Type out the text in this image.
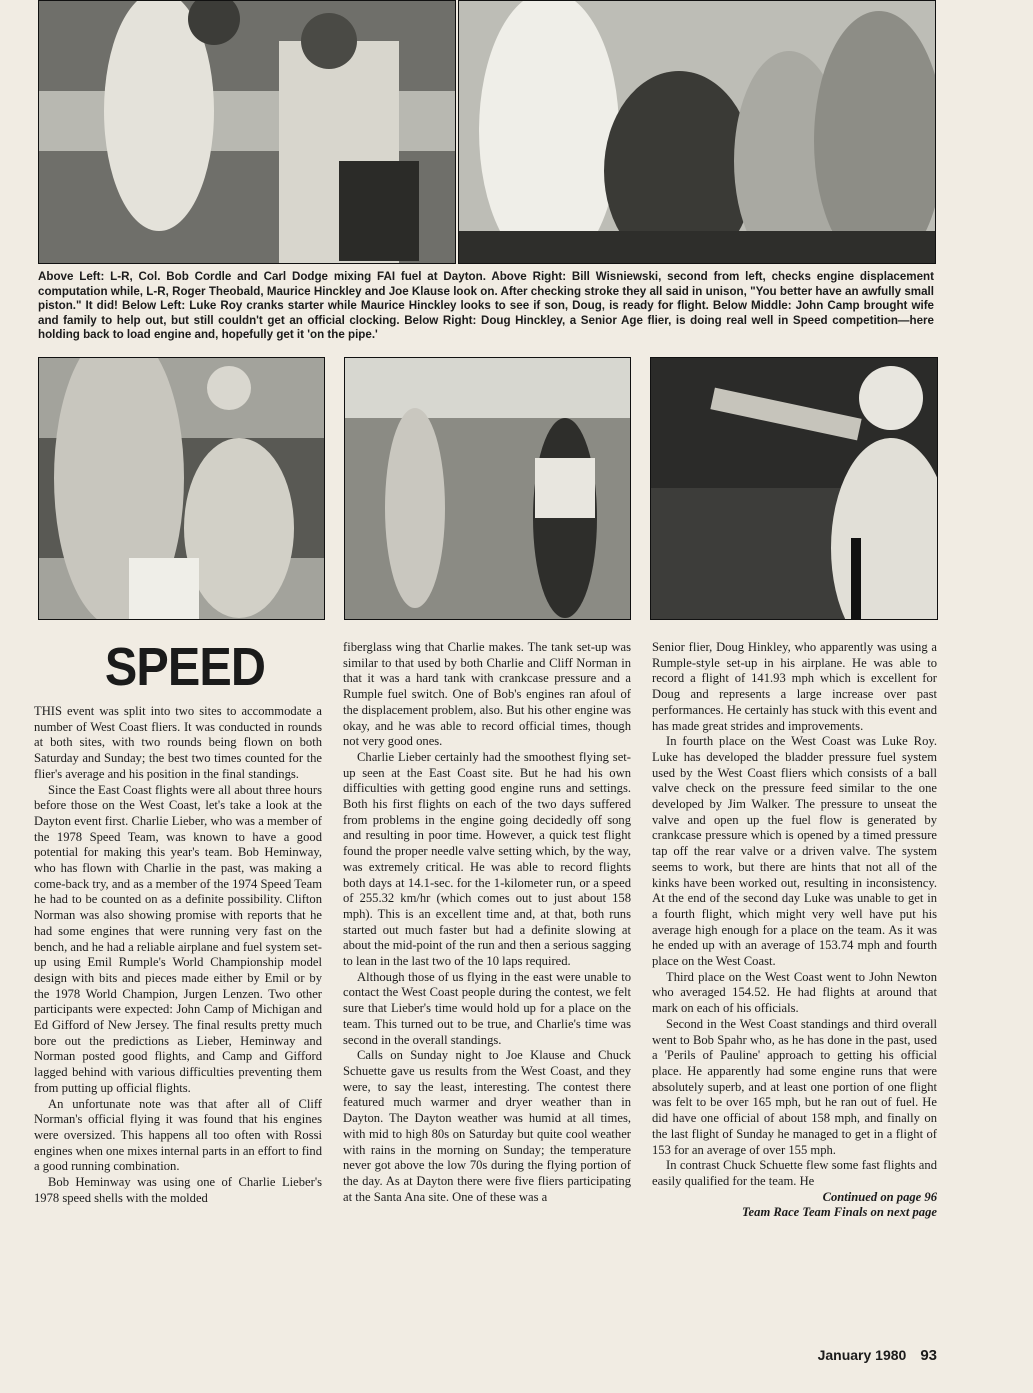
Above Left: L-R, Col. Bob Cordle and Carl Dodge mixing FAI fuel at Dayton. Above Right: Bill Wisniewski, second from left, checks engine displacement computation while, L-R, Roger Theobald, Maurice Hinckley and Joe Klause look on. After checking stroke they all said in unison, "You better have an awfully small piston." It did! Below Left: Luke Roy cranks starter while Maurice Hinckley looks to see if son, Doug, is ready for flight. Below Middle: John Camp brought wife and family to help out, but still couldn't get an official clocking. Below Right: Doug Hinckley, a Senior Age flier, is doing real well in Speed competition—here holding back to load engine and, hopefully get it 'on the pipe.'

SPEED

THIS event was split into two sites to accommodate a number of West Coast fliers. It was conducted in rounds at both sites, with two rounds being flown on both Saturday and Sunday; the best two times counted for the flier's average and his position in the final standings.

Since the East Coast flights were all about three hours before those on the West Coast, let's take a look at the Dayton event first. Charlie Lieber, who was a member of the 1978 Speed Team, was known to have a good potential for making this year's team. Bob Heminway, who has flown with Charlie in the past, was making a come-back try, and as a member of the 1974 Speed Team he had to be counted on as a definite possibility. Clifton Norman was also showing promise with reports that he had some engines that were running very fast on the bench, and he had a reliable airplane and fuel system set-up using Emil Rumple's World Championship model design with bits and pieces made either by Emil or by the 1978 World Champion, Jurgen Lenzen. Two other participants were expected: John Camp of Michigan and Ed Gifford of New Jersey. The final results pretty much bore out the predictions as Lieber, Heminway and Norman posted good flights, and Camp and Gifford lagged behind with various difficulties preventing them from putting up official flights.

An unfortunate note was that after all of Cliff Norman's official flying it was found that his engines were oversized. This happens all too often with Rossi engines when one mixes internal parts in an effort to find a good running combination.

Bob Heminway was using one of Charlie Lieber's 1978 speed shells with the molded

fiberglass wing that Charlie makes. The tank set-up was similar to that used by both Charlie and Cliff Norman in that it was a hard tank with crankcase pressure and a Rumple fuel switch. One of Bob's engines ran afoul of the displacement problem, also. But his other engine was okay, and he was able to record official times, though not very good ones.

Charlie Lieber certainly had the smoothest flying set-up seen at the East Coast site. But he had his own difficulties with getting good engine runs and settings. Both his first flights on each of the two days suffered from problems in the engine going decidedly off song and resulting in poor time. However, a quick test flight found the proper needle valve setting which, by the way, was extremely critical. He was able to record flights both days at 14.1-sec. for the 1-kilometer run, or a speed of 255.32 km/hr (which comes out to just about 158 mph). This is an excellent time and, at that, both runs started out much faster but had a definite slowing at about the mid-point of the run and then a serious sagging to lean in the last two of the 10 laps required.

Although those of us flying in the east were unable to contact the West Coast people during the contest, we felt sure that Lieber's time would hold up for a place on the team. This turned out to be true, and Charlie's time was second in the overall standings.

Calls on Sunday night to Joe Klause and Chuck Schuette gave us results from the West Coast, and they were, to say the least, interesting. The contest there featured much warmer and dryer weather than in Dayton. The Dayton weather was humid at all times, with mid to high 80s on Saturday but quite cool weather with rains in the morning on Sunday; the temperature never got above the low 70s during the flying portion of the day. As at Dayton there were five fliers participating at the Santa Ana site. One of these was a

Senior flier, Doug Hinkley, who apparently was using a Rumple-style set-up in his airplane. He was able to record a flight of 141.93 mph which is excellent for Doug and represents a large increase over past performances. He certainly has stuck with this event and has made great strides and improvements.

In fourth place on the West Coast was Luke Roy. Luke has developed the bladder pressure fuel system used by the West Coast fliers which consists of a ball valve check on the pressure feed similar to the one developed by Jim Walker. The pressure to unseat the valve and open up the fuel flow is generated by crankcase pressure which is opened by a timed pressure tap off the rear valve or a driven valve. The system seems to work, but there are hints that not all of the kinks have been worked out, resulting in inconsistency. At the end of the second day Luke was unable to get in a fourth flight, which might very well have put his average high enough for a place on the team. As it was he ended up with an average of 153.74 mph and fourth place on the West Coast.

Third place on the West Coast went to John Newton who averaged 154.52. He had flights at around that mark on each of his officials.

Second in the West Coast standings and third overall went to Bob Spahr who, as he has done in the past, used a 'Perils of Pauline' approach to getting his official place. He apparently had some engine runs that were absolutely superb, and at least one portion of one flight was felt to be over 165 mph, but he ran out of fuel. He did have one official of about 158 mph, and finally on the last flight of Sunday he managed to get in a flight of 153 for an average of over 155 mph.

In contrast Chuck Schuette flew some fast flights and easily qualified for the team. He

Continued on page 96

Team Race Team Finals on next page

January 1980 93
